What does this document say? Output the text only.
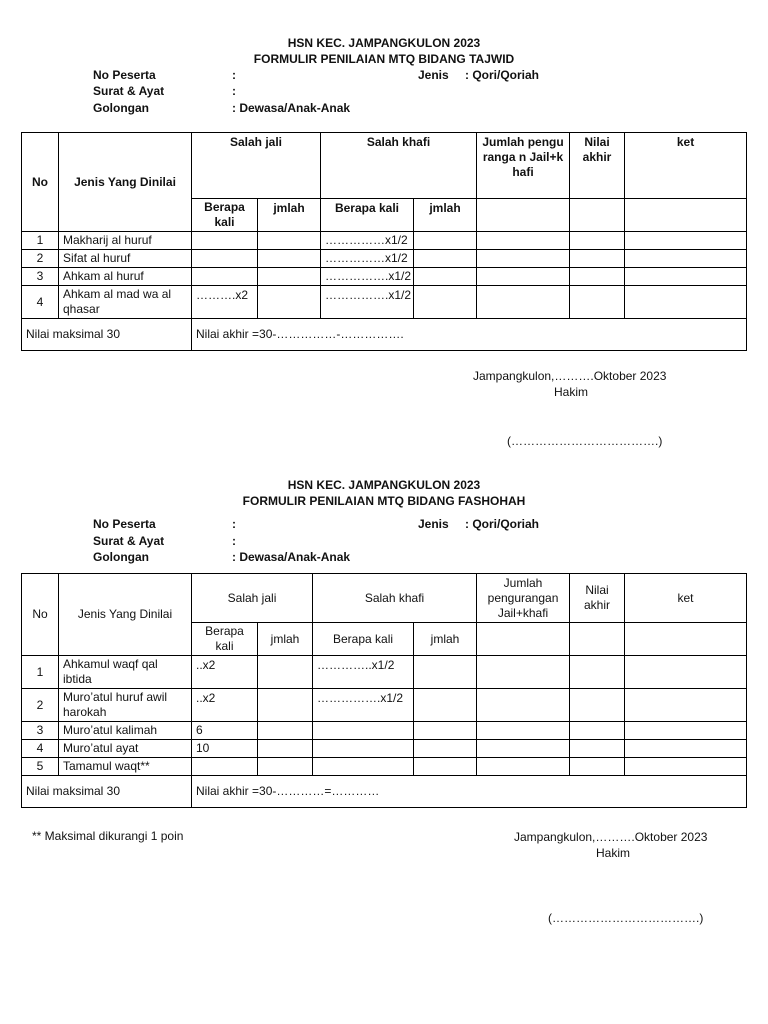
HSN KEC. JAMPANGKULON 2023
FORMULIR PENILAIAN MTQ BIDANG TAJWID
No Peserta	:	Jenis : Qori/Qoriah
Surat & Ayat	:
Golongan	: Dewasa/Anak-Anak
No	Jenis Yang Dinilai	Salah jali		Salah khafi		Jumlah penguranga n Jail+khafi	Nilai akhir	ket
		Berapa kali	jmlah	Berapa kali	jmlah			
1	Makharij al huruf			……………x1/2				
2	Sifat al huruf			……………x1/2				
3	Ahkam al huruf			…………….x1/2				
4	Ahkam al mad wa al qhasar	……….x2		…………….x1/2				
Nilai maksimal 30		Nilai akhir =30-……………-…………….						
Jampangkulon,……….Oktober 2023
Hakim
(……………………………….)
HSN KEC. JAMPANGKULON 2023
FORMULIR PENILAIAN MTQ BIDANG FASHOHAH
No Peserta	:	Jenis : Qori/Qoriah
Surat & Ayat	:
Golongan	: Dewasa/Anak-Anak
No	Jenis Yang Dinilai	Salah jali		Salah khafi		Jumlah pengurangan Jail+khafi	Nilai akhir	ket
		Berapa kali	jmlah	Berapa kali	jmlah			
1	Ahkamul waqf qal ibtida	..x2		…………..x1/2				
2	Muro’atul huruf awil harokah	..x2		…………….x1/2				
3	Muro’atul kalimah	6						
4	Muro’atul ayat	10						
5	Tamamul waqt**							
Nilai maksimal 30		Nilai akhir =30-…………=…………						
** Maksimal dikurangi 1 poin	Jampangkulon,……….Oktober 2023
Hakim
(……………………………….)
